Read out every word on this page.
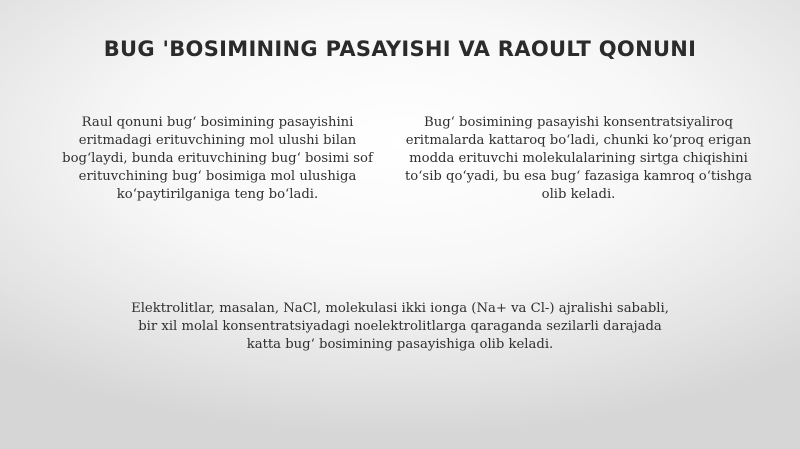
BUG 'BOSIMINING PASAYISHI VA RAOULT QONUNI
Raul qonuni bug‘ bosimining pasayishini eritmadagi erituvchining mol ulushi bilan bog‘laydi, bunda erituvchining bug‘ bosimi sof erituvchining bug‘ bosimiga mol ulushiga ko‘paytirilganiga teng bo‘ladi.
Bug‘ bosimining pasayishi konsentratsiyaliroq eritmalarda kattaroq bo‘ladi, chunki ko‘proq erigan modda erituvchi molekulalarining sirtga chiqishini to‘sib qo‘yadi, bu esa bug‘ fazasiga kamroq o‘tishga olib keladi.
Elektrolitlar, masalan, NaCl, molekulasi ikki ionga (Na+ va Cl-) ajralishi sababli, bir xil molal konsentratsiyadagi noelektrolitlarga qaraganda sezilarli darajada katta bug‘ bosimining pasayishiga olib keladi.
